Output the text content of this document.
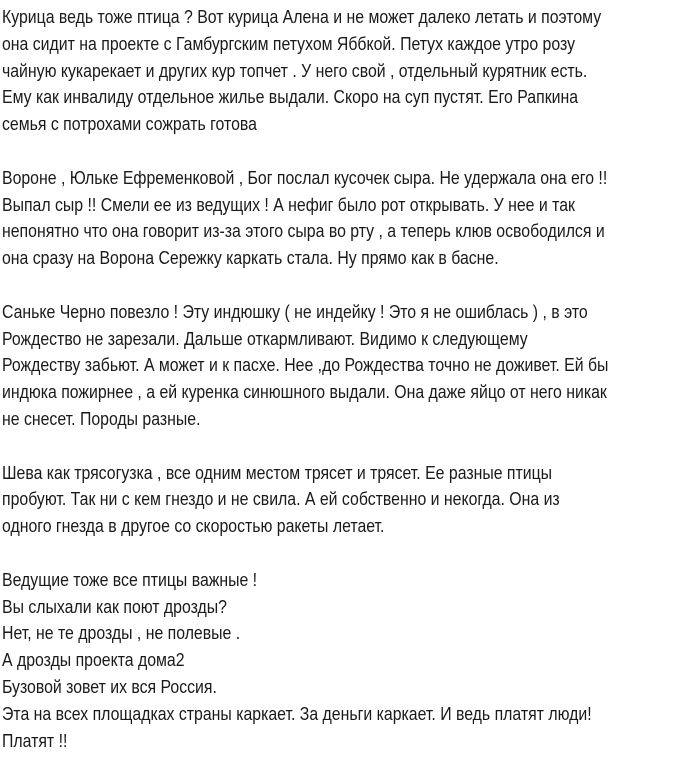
Курица ведь тоже птица ? Вот курица Алена и не может далеко летать и поэтому
она сидит на проекте с Гамбургским петухом Яббкой. Петух каждое утро розу
чайную кукарекает и других кур топчет . У него свой , отдельный курятник есть.
Ему как инвалиду отдельное жилье выдали. Скоро на суп пустят. Его Рапкина
семья с потрохами сожрать готова

Вороне , Юльке Ефременковой , Бог послал кусочек сыра. Не удержала она его !!
Выпал сыр !! Смели ее из ведущих ! А нефиг было рот открывать. У нее и так
непонятно что она говорит из-за этого сыра во рту , а теперь клюв освободился и
она сразу на Ворона Сережку каркать стала. Ну прямо как в басне.

Саньке Черно повезло ! Эту индюшку ( не индейку ! Это я не ошиблась ) , в это
Рождество не зарезали. Дальше откармливают. Видимо к следующему
Рождеству забьют. А может и к пасхе. Нее ,до Рождества точно не доживет. Ей бы
индюка пожирнее , а ей куренка синюшного выдали. Она даже яйцо от него никак
не снесет. Породы разные.

Шева как трясогузка , все одним местом трясет и трясет. Ее разные птицы
пробуют. Так ни с кем гнездо и не свила. А ей собственно и некогда. Она из
одного гнезда в другое со скоростью ракеты летает.

Ведущие тоже все птицы важные !
Вы слыхали как поют дрозды?
Нет, не те дрозды , не полевые .
А дрозды проекта дома2
Бузовой зовет их вся Россия.
Эта на всех площадках страны каркает. За деньги каркает. И ведь платят люди!
Платят !!
